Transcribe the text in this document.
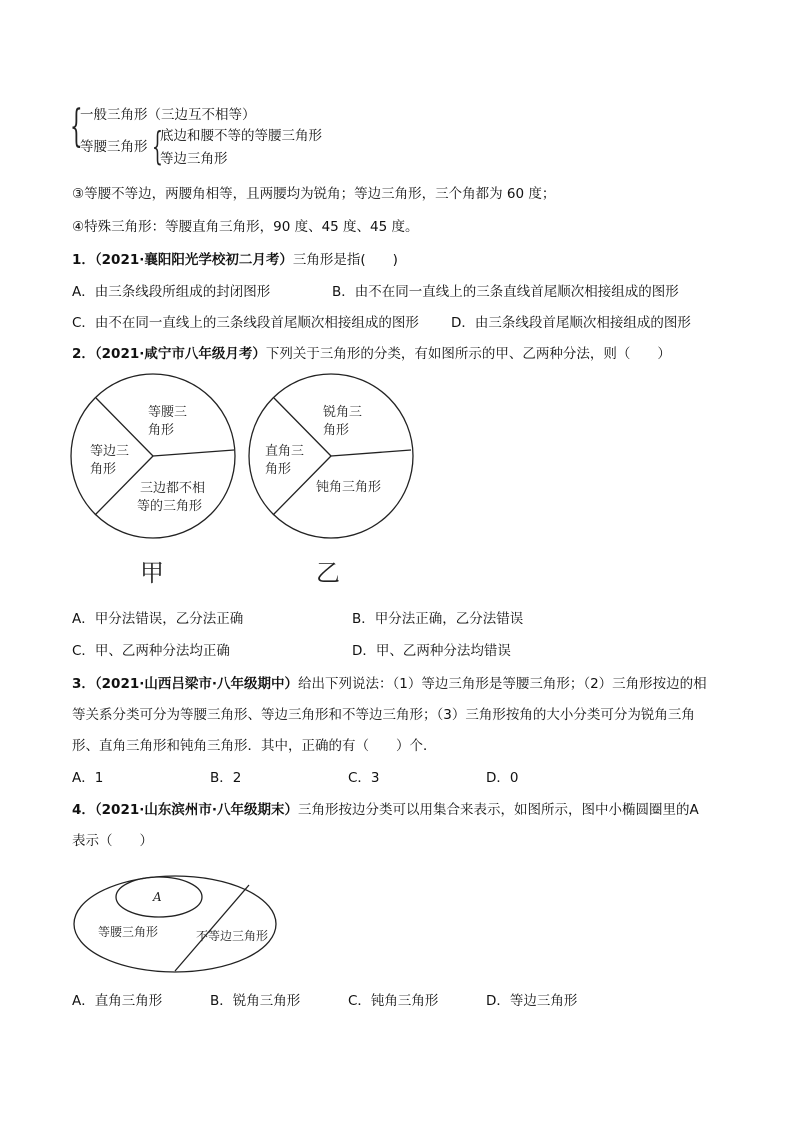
{
一般三角形（三边互不相等）
等腰三角形 {
底边和腰不等的等腰三角形
等边三角形
③等腰不等边，两腰角相等，且两腰均为锐角；等边三角形，三个角都为 60 度；
④特殊三角形：等腰直角三角形，90 度、45 度、45 度。
1．（2021·襄阳阳光学校初二月考）三角形是指(　　)
A．由三条线段所组成的封闭图形	B．由不在同一直线上的三条直线首尾顺次相接组成的图形
C．由不在同一直线上的三条线段首尾顺次相接组成的图形 D．由三条线段首尾顺次相接组成的图形
2．（2021·咸宁市八年级月考）下列关于三角形的分类，有如图所示的甲、乙两种分法，则（　　）
等腰三
角形
等边三
角形
三边都不相
等的三角形
锐角三
角形
直角三
角形
钝角三角形
甲	乙
A．甲分法错误，乙分法正确	B．甲分法正确，乙分法错误
C．甲、乙两种分法均正确	D．甲、乙两种分法均错误
3．（2021·山西吕梁市·八年级期中）给出下列说法：（1）等边三角形是等腰三角形；（2）三角形按边的相
等关系分类可分为等腰三角形、等边三角形和不等边三角形；（3）三角形按角的大小分类可分为锐角三角
形、直角三角形和钝角三角形．其中，正确的有（　　）个．
A．1	B．2	C．3	D．0
4．（2021·山东滨州市·八年级期末）三角形按边分类可以用集合来表示，如图所示，图中小椭圆圈里的A
表示（　　）
A
等腰三角形	不等边三角形
A．直角三角形	B．锐角三角形	C．钝角三角形	D．等边三角形
